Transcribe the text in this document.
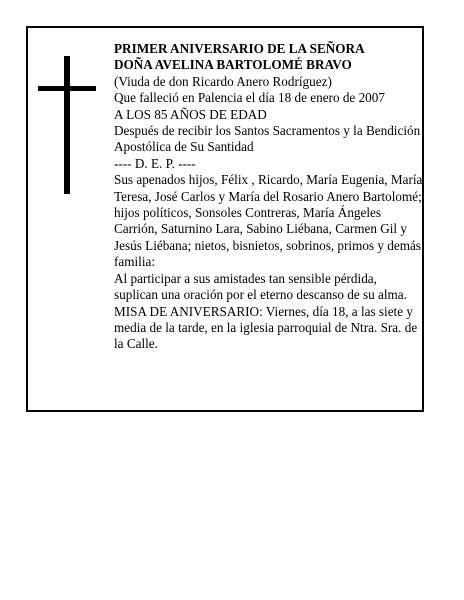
PRIMER ANIVERSARIO DE LA SEÑORA

DOÑA AVELINA BARTOLOMÉ BRAVO

(Viuda de don Ricardo Anero Rodríguez)

Que falleció en Palencia el día 18 de enero de 2007

A LOS 85 AÑOS DE EDAD

Después de recibir los Santos Sacramentos y la Bendición Apostólica de Su Santidad

---- D. E. P. ----

Sus apenados hijos, Félix , Ricardo, María Eugenia, María Teresa, José Carlos y María del Rosario Anero Bartolomé; hijos políticos, Sonsoles Contreras, María Ángeles Carrión, Saturnino Lara, Sabino Liébana, Carmen Gil y Jesús Liébana; nietos, bisnietos, sobrinos, primos y demás familia:

Al participar a sus amistades tan sensible pérdida, suplican una oración por el eterno descanso de su alma.

MISA DE ANIVERSARIO: Viernes, día 18, a las siete y media de la tarde, en la iglesia parroquial de Ntra. Sra. de la Calle.
